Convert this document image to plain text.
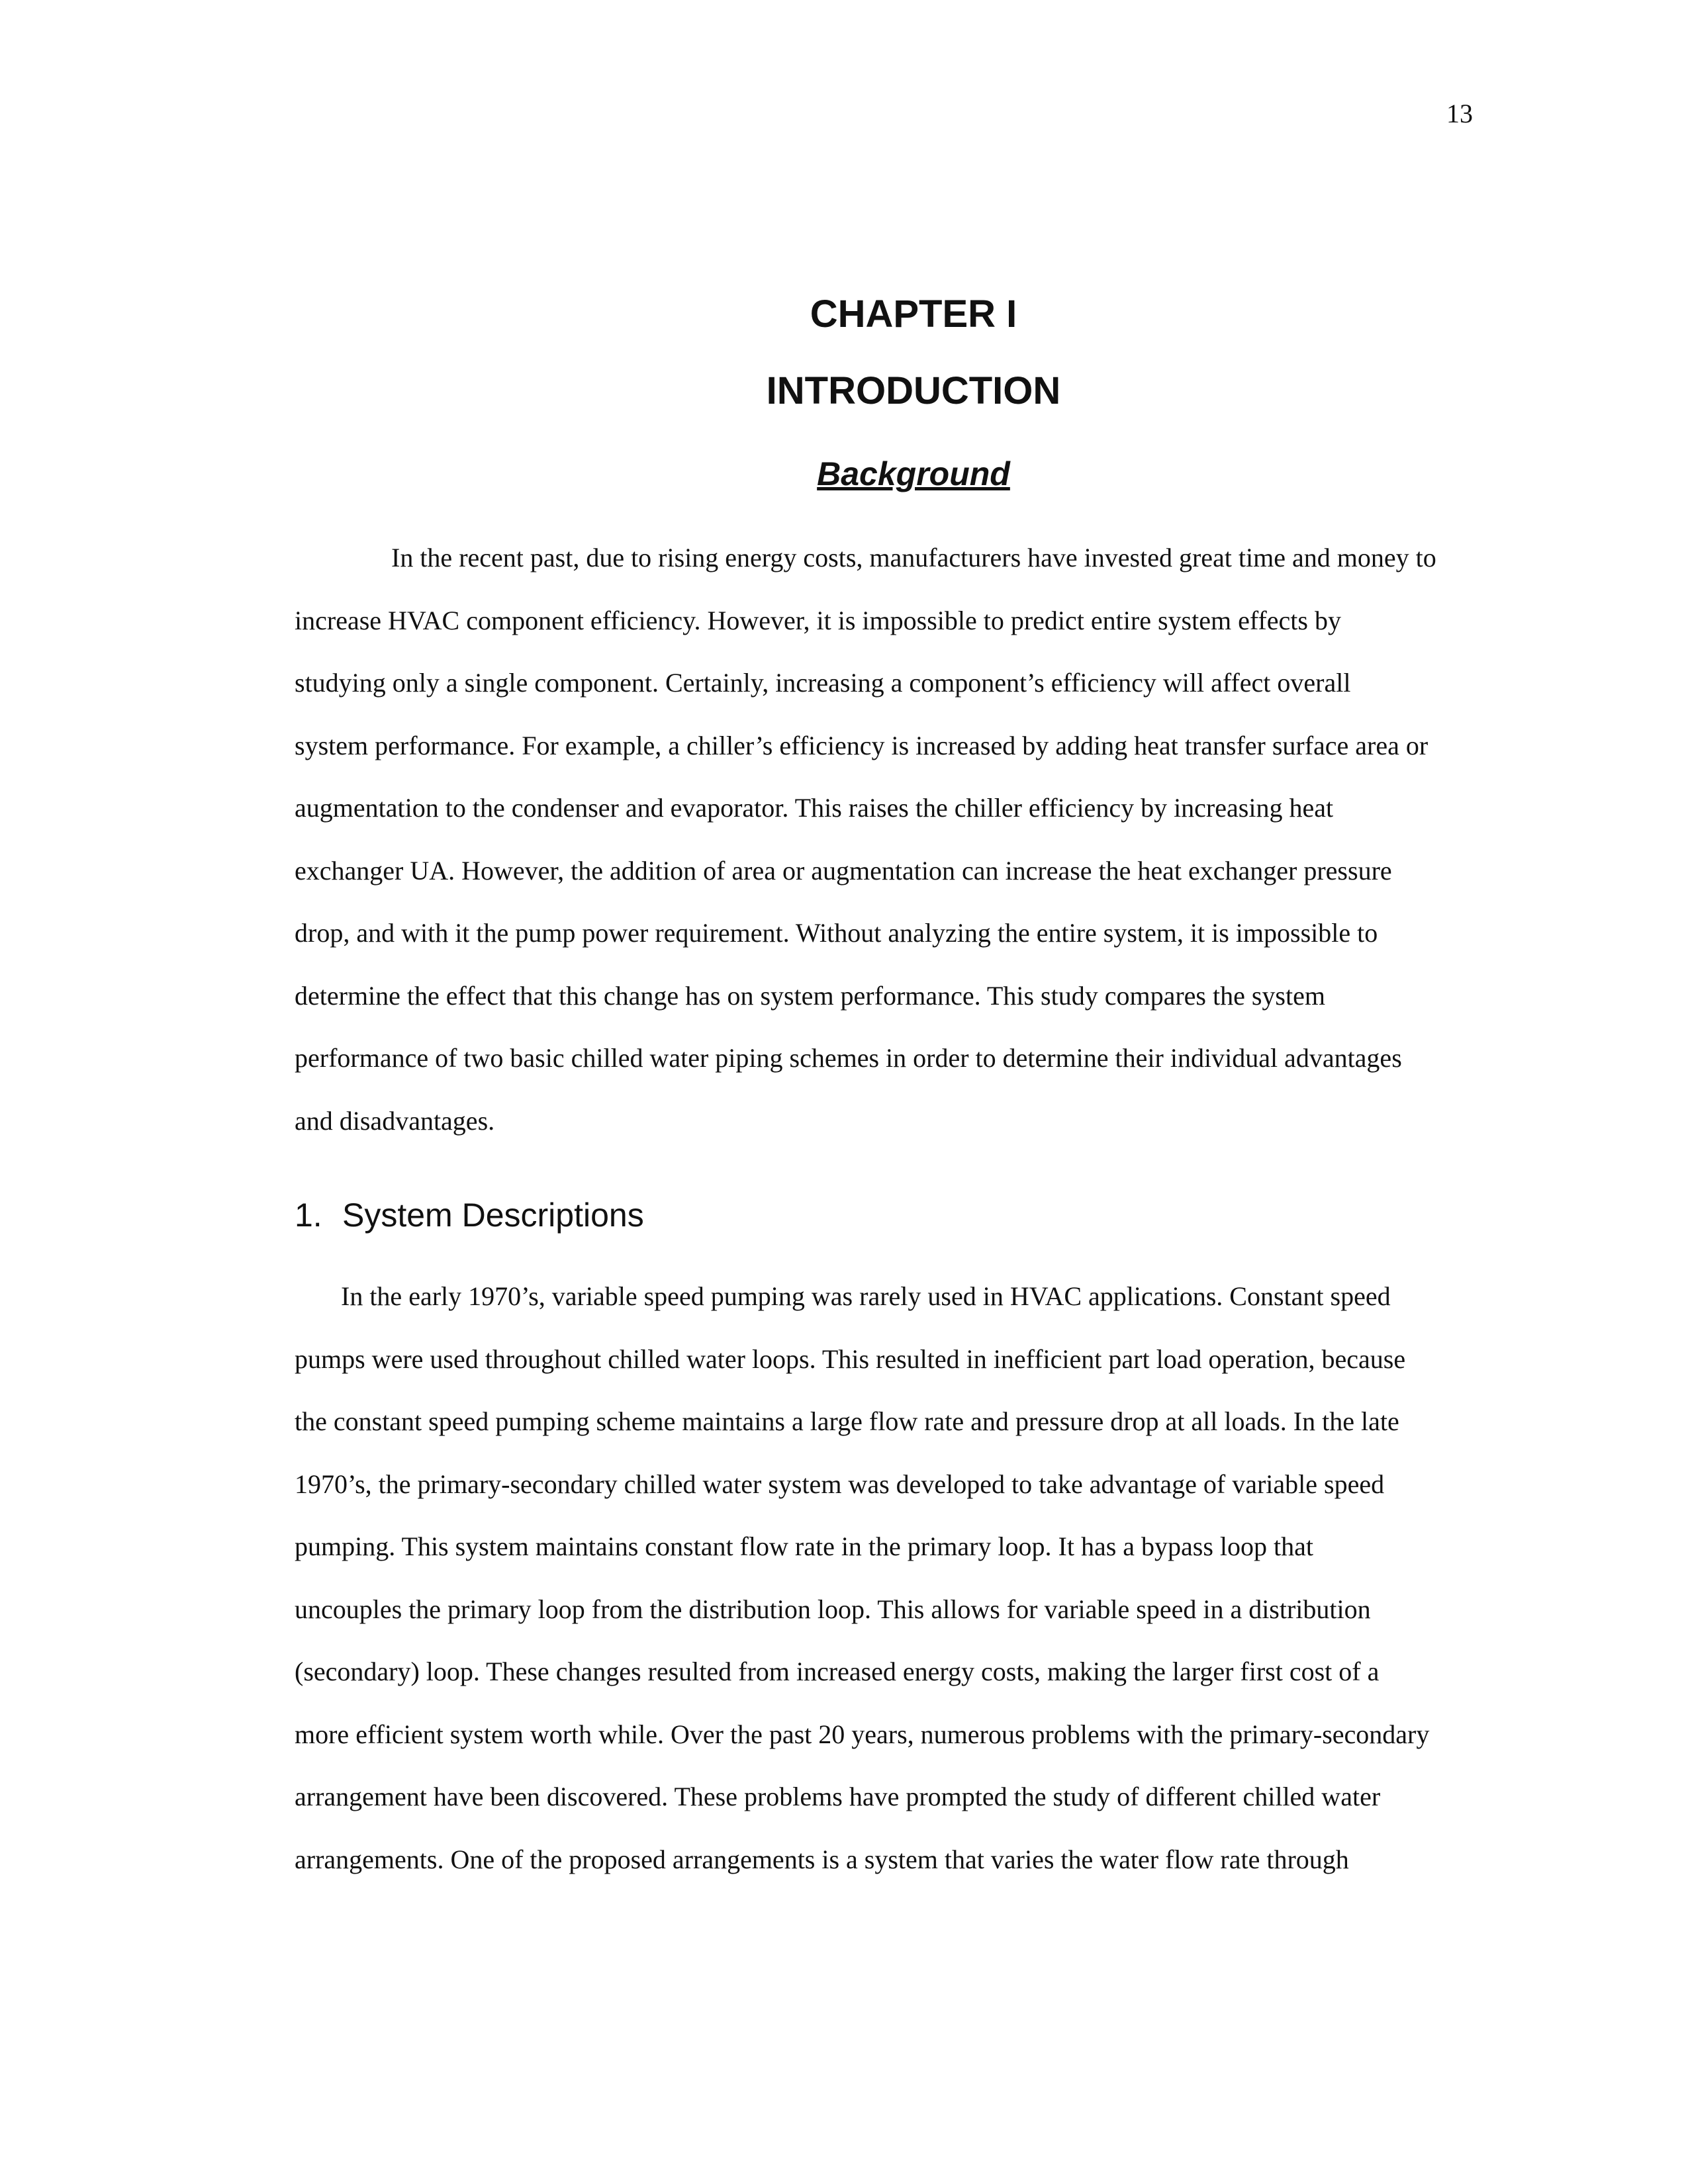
13
CHAPTER I
INTRODUCTION
Background

In the recent past, due to rising energy costs, manufacturers have invested great time and money to

increase HVAC component efficiency. However, it is impossible to predict entire system effects by

studying only a single component. Certainly, increasing a component’s efficiency will affect overall

system performance. For example, a chiller’s efficiency is increased by adding heat transfer surface area or

augmentation to the condenser and evaporator. This raises the chiller efficiency by increasing heat

exchanger UA. However, the addition of area or augmentation can increase the heat exchanger pressure

drop, and with it the pump power requirement. Without analyzing the entire system, it is impossible to

determine the effect that this change has on system performance. This study compares the system

performance of two basic chilled water piping schemes in order to determine their individual advantages

and disadvantages.

1. System Descriptions

In the early 1970’s, variable speed pumping was rarely used in HVAC applications. Constant speed

pumps were used throughout chilled water loops. This resulted in inefficient part load operation, because

the constant speed pumping scheme maintains a large flow rate and pressure drop at all loads. In the late

1970’s, the primary-secondary chilled water system was developed to take advantage of variable speed

pumping. This system maintains constant flow rate in the primary loop. It has a bypass loop that

uncouples the primary loop from the distribution loop. This allows for variable speed in a distribution

(secondary) loop. These changes resulted from increased energy costs, making the larger first cost of a

more efficient system worth while. Over the past 20 years, numerous problems with the primary-secondary

arrangement have been discovered. These problems have prompted the study of different chilled water

arrangements. One of the proposed arrangements is a system that varies the water flow rate through
